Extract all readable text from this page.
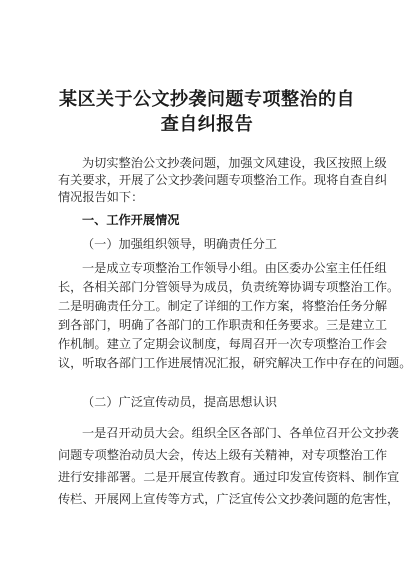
某区关于公文抄袭问题专项整治的自
查自纠报告
为切实整治公文抄袭问题，加强文风建设，我区按照上级
有关要求，开展了公文抄袭问题专项整治工作。现将自查自纠
情况报告如下：
一、工作开展情况
（一）加强组织领导，明确责任分工
一是成立专项整治工作领导小组。由区委办公室主任任组
长，各相关部门分管领导为成员，负责统筹协调专项整治工作。
二是明确责任分工。制定了详细的工作方案，将整治任务分解
到各部门，明确了各部门的工作职责和任务要求。三是建立工
作机制。建立了定期会议制度，每周召开一次专项整治工作会
议，听取各部门工作进展情况汇报，研究解决工作中存在的问题。
（二）广泛宣传动员，提高思想认识
一是召开动员大会。组织全区各部门、各单位召开公文抄袭
问题专项整治动员大会，传达上级有关精神，对专项整治工作
进行安排部署。二是开展宣传教育。通过印发宣传资料、制作宣
传栏、开展网上宣传等方式，广泛宣传公文抄袭问题的危害性，
